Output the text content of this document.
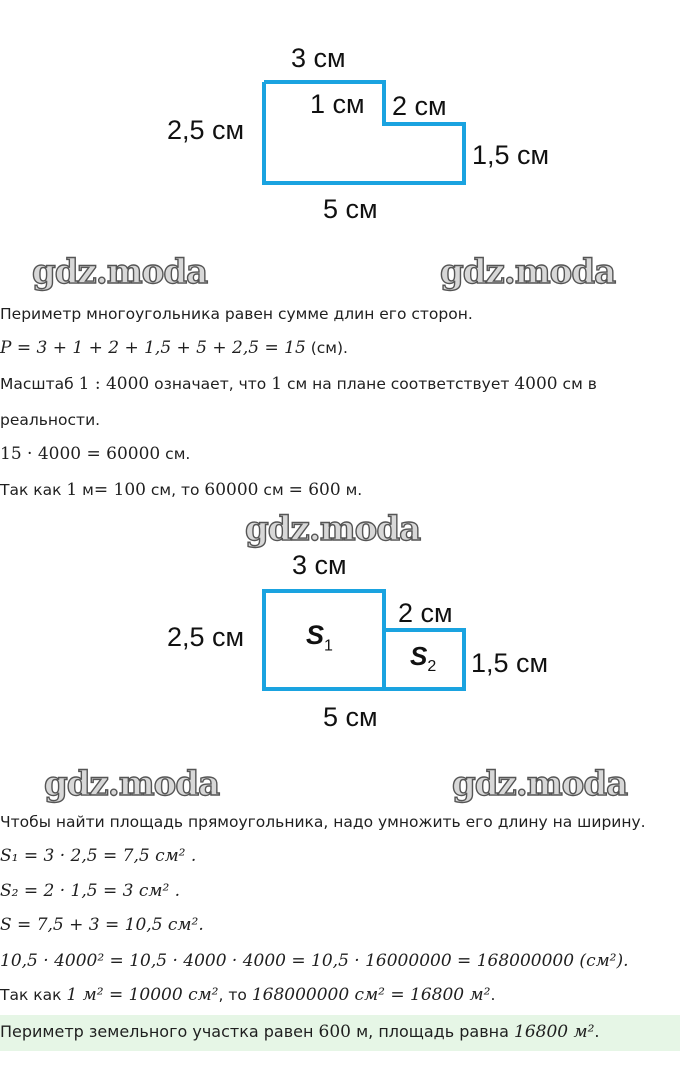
3 см
1 см 2 см
2,5 см
1,5 см
5 см
gdz.moda	gdz.moda
Периметр многоугольника равен сумме длин его сторон.
P = 3 + 1 + 2 + 1,5 + 5 + 2,5 = 15 (см).
Масштаб 1 : 4000 означает, что 1 см на плане соответствует 4000 см в
реальности.
15 · 4000 = 60000 см.
Так как 1 м= 100 см, то 60000 см = 600 м.
gdz.moda
3 см
2 см
2,5 см
1,5 см
5 см
$S_1$	$S_2$
gdz.moda	gdz.moda
Чтобы найти площадь прямоугольника, надо умножить его длину на ширину.
S₁ = 3 · 2,5 = 7,5 см² .
S₂ = 2 · 1,5 = 3 см² .
S = 7,5 + 3 = 10,5 см².
10,5 · 4000² = 10,5 · 4000 · 4000 = 10,5 · 16000000 = 168000000 (см²).
Так как 1 м² = 10000 см², то 168000000 см² = 16800 м².
Периметр земельного участка равен 600 м, площадь равна 16800 м².
